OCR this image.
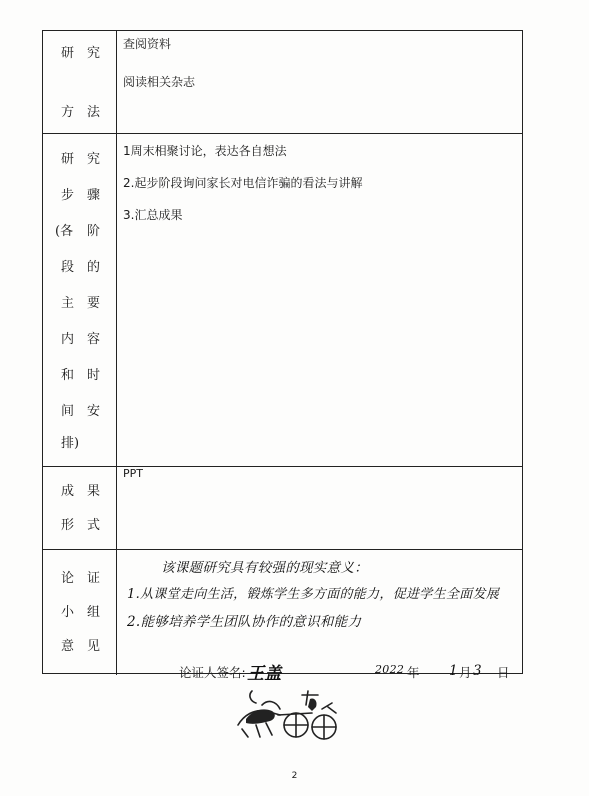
研 究
方 法
查阅资料
阅读相关杂志
研 究
步 骤
(各 阶
段 的
主 要
内 容
和 时
间 安
排)
1周末相聚讨论，表达各自想法
2.起步阶段询问家长对电信诈骗的看法与讲解
3.汇总成果
成 果
形 式
PPT
论 证
小 组
意 见
该课题研究具有较强的现实意义：
1.从课堂走向生活，锻炼学生多方面的能力，促进学生全面发展
2.能够培养学生团队协作的意识和能力
论证人签名: 王盖	2022 年 1 月 3 日
2
